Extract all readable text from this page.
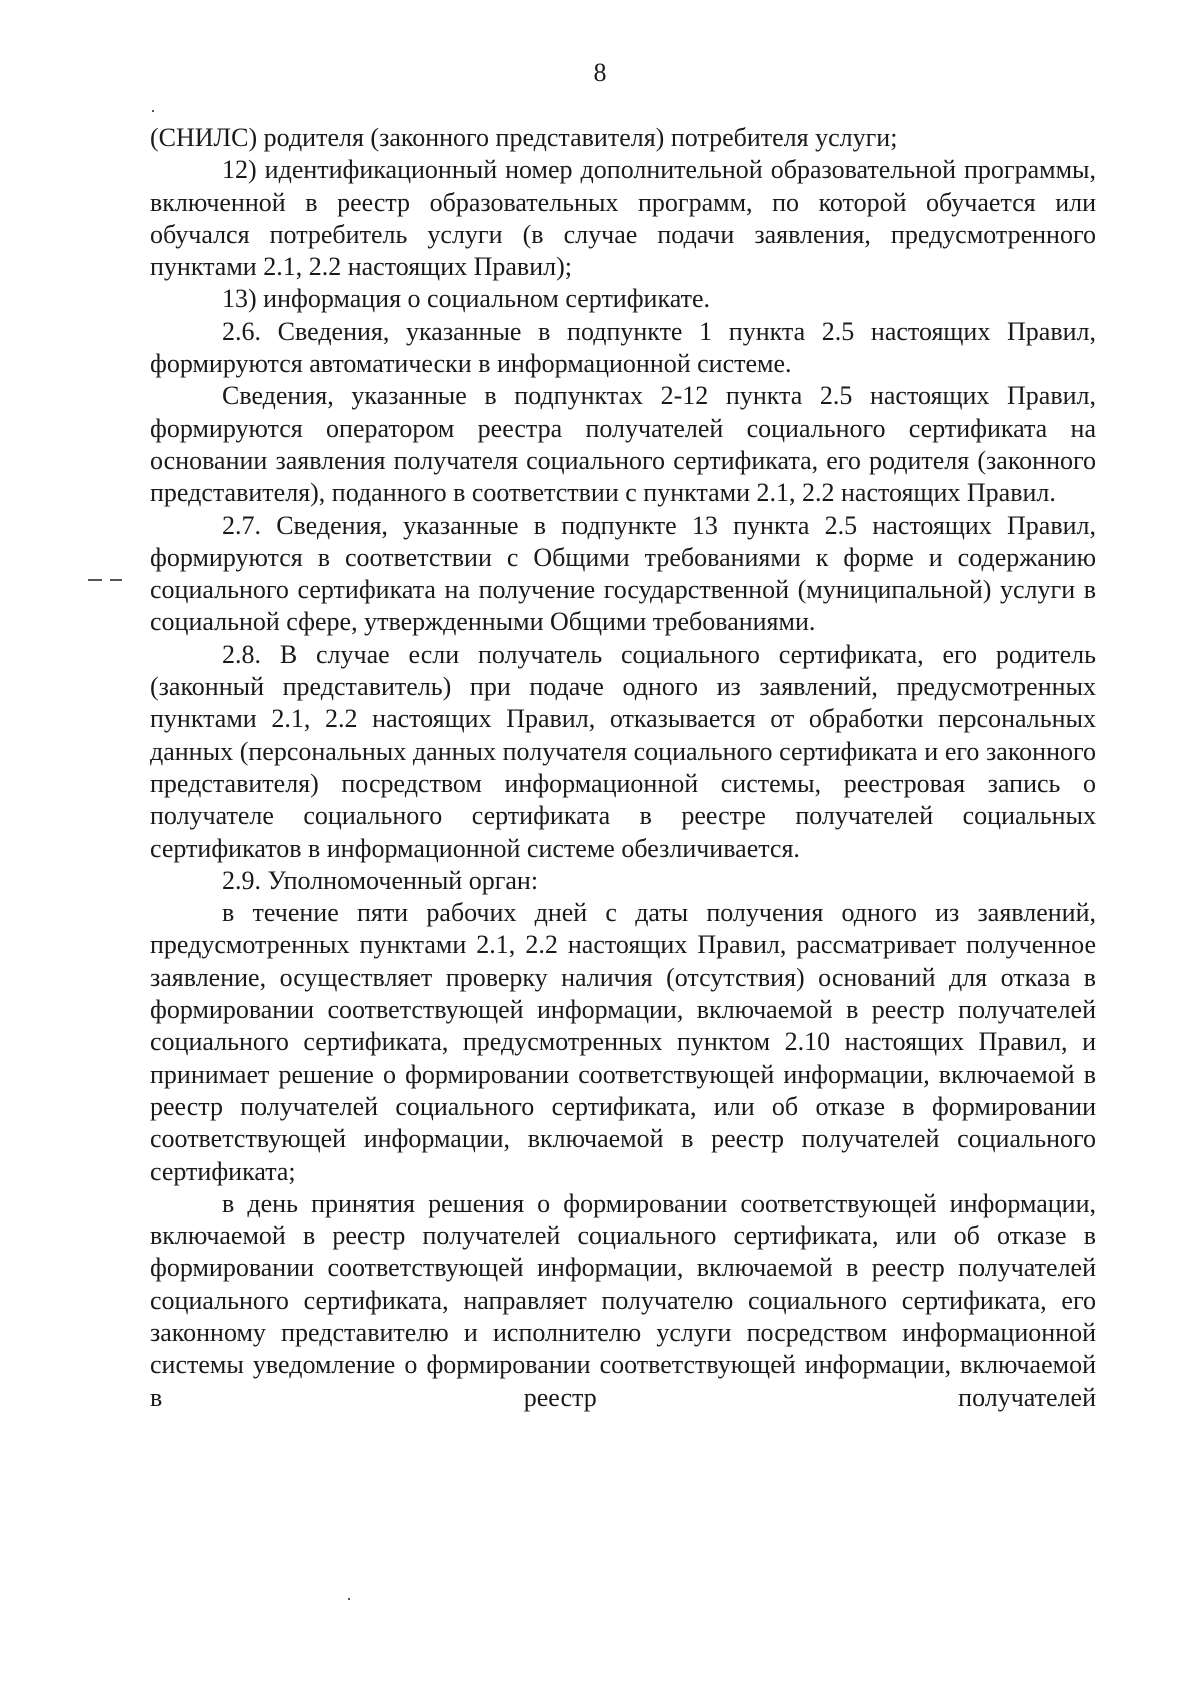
8

(СНИЛС) родителя (законного представителя) потребителя услуги;

12) идентификационный номер дополнительной образовательной программы, включенной в реестр образовательных программ, по которой обучается или обучался потребитель услуги (в случае подачи заявления, предусмотренного пунктами 2.1, 2.2 настоящих Правил);

13) информация о социальном сертификате.

2.6. Сведения, указанные в подпункте 1 пункта 2.5 настоящих Правил, формируются автоматически в информационной системе.

Сведения, указанные в подпунктах 2-12 пункта 2.5 настоящих Правил, формируются оператором реестра получателей социального сертификата на основании заявления получателя социального сертификата, его родителя (законного представителя), поданного в соответствии с пунктами 2.1, 2.2 настоящих Правил.

2.7. Сведения, указанные в подпункте 13 пункта 2.5 настоящих Правил, формируются в соответствии с Общими требованиями к форме и содержанию социального сертификата на получение государственной (муниципальной) услуги в социальной сфере, утвержденными Общими требованиями.

2.8. В случае если получатель социального сертификата, его родитель (законный представитель) при подаче одного из заявлений, предусмотренных пунктами 2.1, 2.2 настоящих Правил, отказывается от обработки персональных данных (персональных данных получателя социального сертификата и его законного представителя) посредством информационной системы, реестровая запись о получателе социального сертификата в реестре получателей социальных сертификатов в информационной системе обезличивается.

2.9. Уполномоченный орган:

в течение пяти рабочих дней с даты получения одного из заявлений, предусмотренных пунктами 2.1, 2.2 настоящих Правил, рассматривает полученное заявление, осуществляет проверку наличия (отсутствия) оснований для отказа в формировании соответствующей информации, включаемой в реестр получателей социального сертификата, предусмотренных пунктом 2.10 настоящих Правил, и принимает решение о формировании соответствующей информации, включаемой в реестр получателей социального сертификата, или об отказе в формировании соответствующей информации, включаемой в реестр получателей социального сертификата;

в день принятия решения о формировании соответствующей информации, включаемой в реестр получателей социального сертификата, или об отказе в формировании соответствующей информации, включаемой в реестр получателей социального сертификата, направляет получателю социального сертификата, его законному представителю и исполнителю услуги посредством информационной системы уведомление о формировании соответствующей информации, включаемой в реестр получателей
